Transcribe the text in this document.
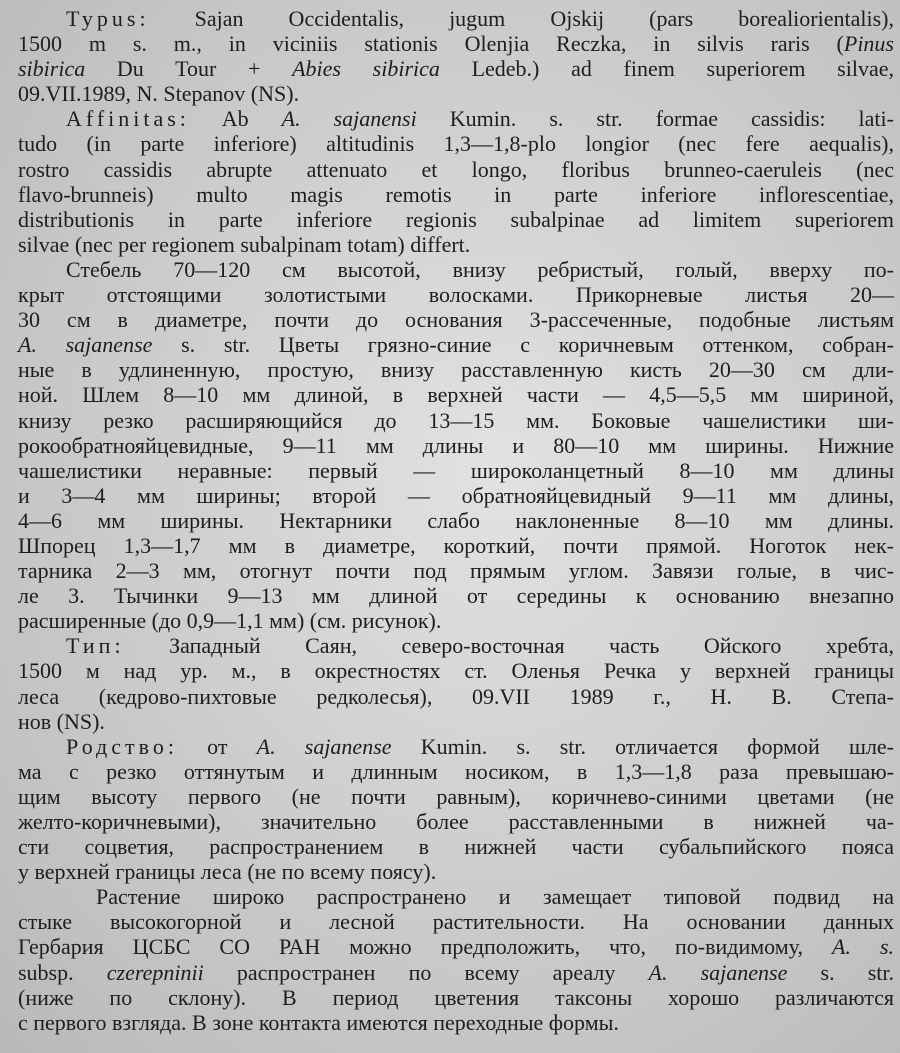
Typus: Sajan Occidentalis, jugum Ojskij (pars borealiorientalis),
1500 m s. m., in viciniis stationis Olenjia Reczka, in silvis raris (Pinus
sibirica Du Tour + Abies sibirica Ledeb.) ad finem superiorem silvae,
09.VII.1989, N. Stepanov (NS).
Affinitas: Ab A. sajanensi Kumin. s. str. formae cassidis: lati-
tudo (in parte inferiore) altitudinis 1,3—1,8-plo longior (nec fere aequalis),
rostro cassidis abrupte attenuato et longo, floribus brunneo-caeruleis (nec
flavo-brunneis) multo magis remotis in parte inferiore inflorescentiae,
distributionis in parte inferiore regionis subalpinae ad limitem superiorem
silvae (nec per regionem subalpinam totam) differt.
Стебель 70—120 см высотой, внизу ребристый, голый, вверху по-
крыт отстоящими золотистыми волосками. Прикорневые листья 20—
30 см в диаметре, почти до основания 3-рассеченные, подобные листьям
A. sajanense s. str. Цветы грязно-синие с коричневым оттенком, собран-
ные в удлиненную, простую, внизу расставленную кисть 20—30 см дли-
ной. Шлем 8—10 мм длиной, в верхней части — 4,5—5,5 мм шириной,
книзу резко расширяющийся до 13—15 мм. Боковые чашелистики ши-
рокообратнояйцевидные, 9—11 мм длины и 80—10 мм ширины. Нижние
чашелистики неравные: первый — широколанцетный 8—10 мм длины
и 3—4 мм ширины; второй — обратнояйцевидный 9—11 мм длины,
4—6 мм ширины. Нектарники слабо наклоненные 8—10 мм длины.
Шпорец 1,3—1,7 мм в диаметре, короткий, почти прямой. Ноготок нек-
тарника 2—3 мм, отогнут почти под прямым углом. Завязи голые, в чис-
ле 3. Тычинки 9—13 мм длиной от середины к основанию внезапно
расширенные (до 0,9—1,1 мм) (см. рисунок).
Тип: Западный Саян, северо-восточная часть Ойского хребта,
1500 м над ур. м., в окрестностях ст. Оленья Речка у верхней границы
леса (кедрово-пихтовые редколесья), 09.VII 1989 г., Н. В. Степа-
нов (NS).
Родство: от A. sajanense Kumin. s. str. отличается формой шле-
ма с резко оттянутым и длинным носиком, в 1,3—1,8 раза превышаю-
щим высоту первого (не почти равным), коричнево-синими цветами (не
желто-коричневыми), значительно более расставленными в нижней ча-
сти соцветия, распространением в нижней части субальпийского пояса
у верхней границы леса (не по всему поясу).
Растение широко распространено и замещает типовой подвид на
стыке высокогорной и лесной растительности. На основании данных
Гербария ЦСБС СО РАН можно предположить, что, по-видимому, A. s.
subsp. czerepninii распространен по всему ареалу A. sajanense s. str.
(ниже по склону). В период цветения таксоны хорошо различаются
с первого взгляда. В зоне контакта имеются переходные формы.
